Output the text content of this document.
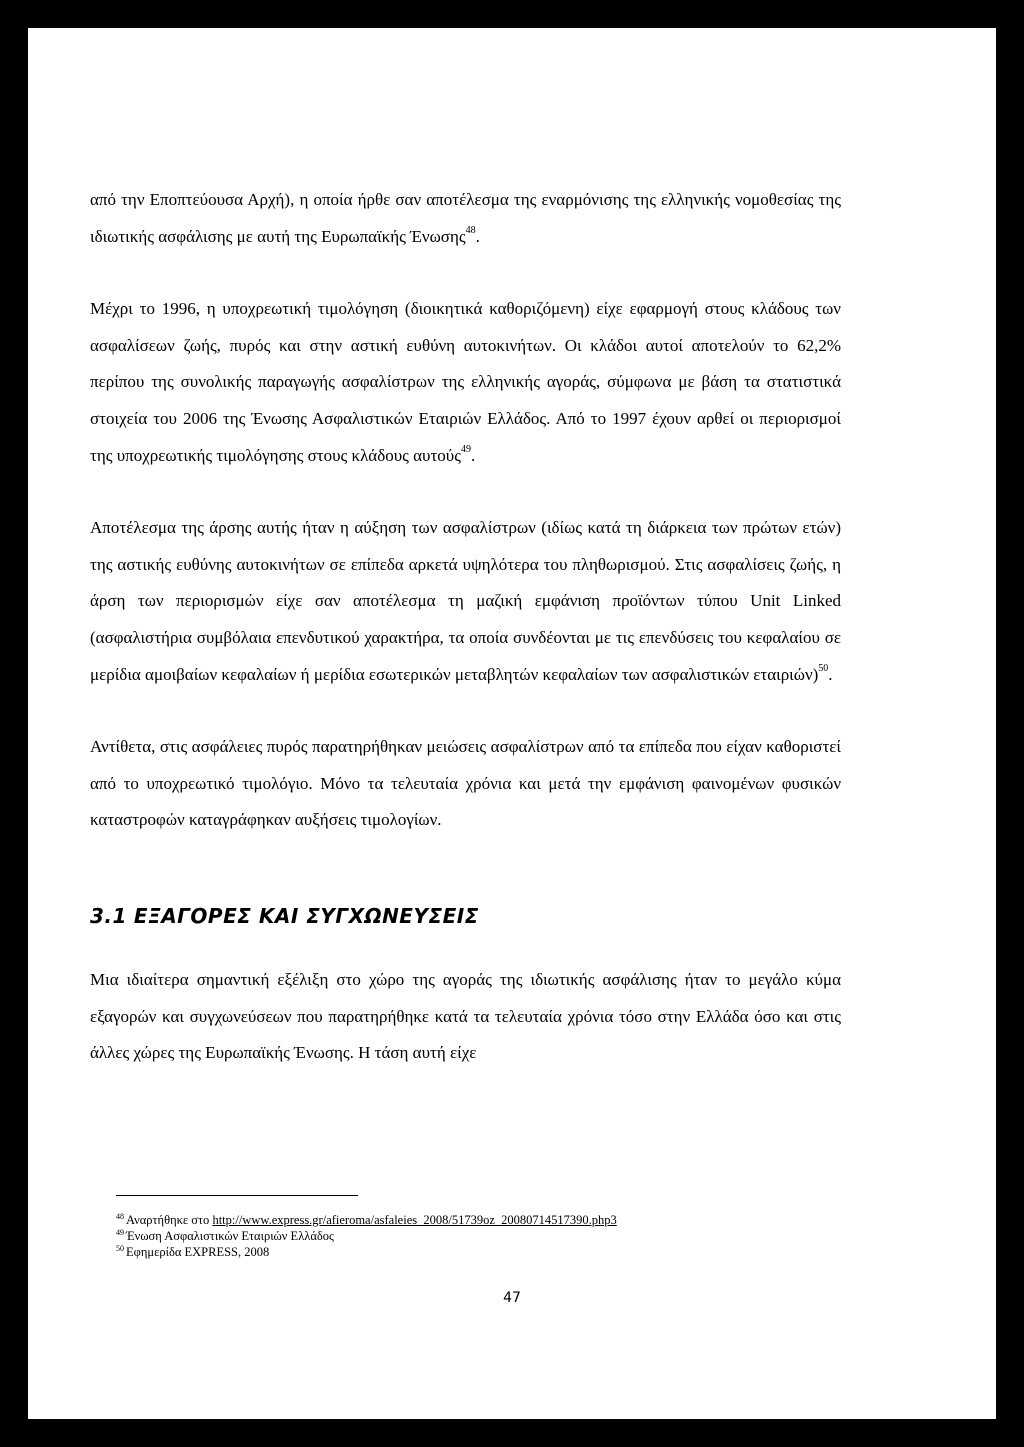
από την Εποπτεύουσα Αρχή), η οποία ήρθε σαν αποτέλεσμα της εναρμόνισης της ελληνικής νομοθεσίας της ιδιωτικής ασφάλισης με αυτή της Ευρωπαϊκής Ένωσης$^{48}$.

Μέχρι το 1996, η υποχρεωτική τιμολόγηση (διοικητικά καθοριζόμενη) είχε εφαρμογή στους κλάδους των ασφαλίσεων ζωής, πυρός και στην αστική ευθύνη αυτοκινήτων. Οι κλάδοι αυτοί αποτελούν το 62,2% περίπου της συνολικής παραγωγής ασφαλίστρων της ελληνικής αγοράς, σύμφωνα με βάση τα στατιστικά στοιχεία του 2006 της Ένωσης Ασφαλιστικών Εταιριών Ελλάδος. Από το 1997 έχουν αρθεί οι περιορισμοί της υποχρεωτικής τιμολόγησης στους κλάδους αυτούς$^{49}$.

Αποτέλεσμα της άρσης αυτής ήταν η αύξηση των ασφαλίστρων (ιδίως κατά τη διάρκεια των πρώτων ετών) της αστικής ευθύνης αυτοκινήτων σε επίπεδα αρκετά υψηλότερα του πληθωρισμού. Στις ασφαλίσεις ζωής, η άρση των περιορισμών είχε σαν αποτέλεσμα τη μαζική εμφάνιση προϊόντων τύπου Unit Linked (ασφαλιστήρια συμβόλαια επενδυτικού χαρακτήρα, τα οποία συνδέονται με τις επενδύσεις του κεφαλαίου σε μερίδια αμοιβαίων κεφαλαίων ή μερίδια εσωτερικών μεταβλητών κεφαλαίων των ασφαλιστικών εταιριών)$^{50}$.

Αντίθετα, στις ασφάλειες πυρός παρατηρήθηκαν μειώσεις ασφαλίστρων από τα επίπεδα που είχαν καθοριστεί από το υποχρεωτικό τιμολόγιο. Μόνο τα τελευταία χρόνια και μετά την εμφάνιση φαινομένων φυσικών καταστροφών καταγράφηκαν αυξήσεις τιμολογίων.

3.1 ΕΞΑΓΟΡΕΣ ΚΑΙ ΣΥΓΧΩΝΕΥΣΕΙΣ

Μια ιδιαίτερα σημαντική εξέλιξη στο χώρο της αγοράς της ιδιωτικής ασφάλισης ήταν το μεγάλο κύμα εξαγορών και συγχωνεύσεων που παρατηρήθηκε κατά τα τελευταία χρόνια τόσο στην Ελλάδα όσο και στις άλλες χώρες της Ευρωπαϊκής Ένωσης. Η τάση αυτή είχε

$^{48}$ Αναρτήθηκε στο http://www.express.gr/afieroma/asfaleies_2008/51739oz_20080714517390.php3
$^{49}$ Ένωση Ασφαλιστικών Εταιριών Ελλάδος
$^{50}$ Εφημερίδα EXPRESS, 2008
47
